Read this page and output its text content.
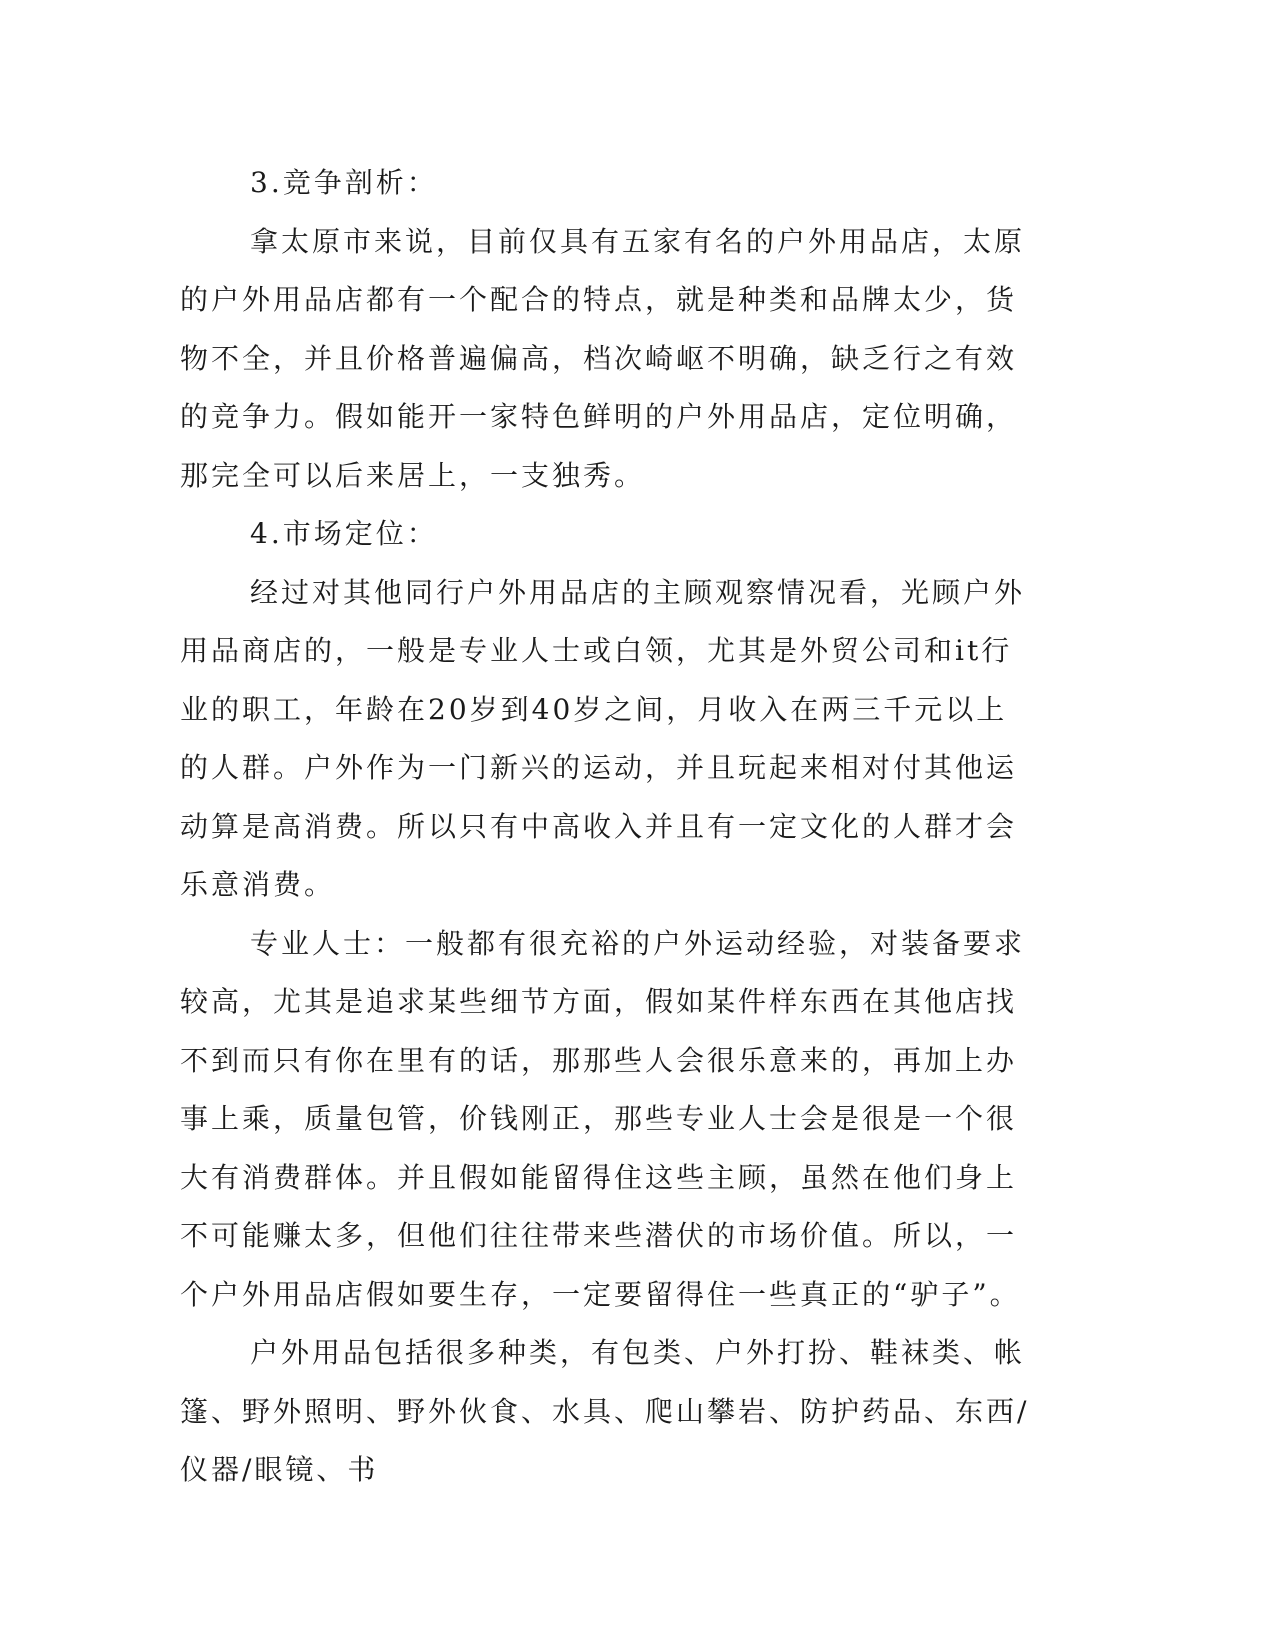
3.竞争剖析：

拿太原市来说，目前仅具有五家有名的户外用品店，太原的户外用品店都有一个配合的特点，就是种类和品牌太少，货物不全，并且价格普遍偏高，档次崎岖不明确，缺乏行之有效的竞争力。假如能开一家特色鲜明的户外用品店，定位明确，那完全可以后来居上，一支独秀。

4.市场定位：

经过对其他同行户外用品店的主顾观察情况看，光顾户外用品商店的，一般是专业人士或白领，尤其是外贸公司和it行业的职工，年龄在20岁到40岁之间，月收入在两三千元以上的人群。户外作为一门新兴的运动，并且玩起来相对付其他运动算是高消费。所以只有中高收入并且有一定文化的人群才会乐意消费。

专业人士：一般都有很充裕的户外运动经验，对装备要求较高，尤其是追求某些细节方面，假如某件样东西在其他店找不到而只有你在里有的话，那那些人会很乐意来的，再加上办事上乘，质量包管，价钱刚正，那些专业人士会是很是一个很大有消费群体。并且假如能留得住这些主顾，虽然在他们身上不可能赚太多，但他们往往带来些潜伏的市场价值。所以，一个户外用品店假如要生存，一定要留得住一些真正的“驴子”。

户外用品包括很多种类，有包类、户外打扮、鞋袜类、帐篷、野外照明、野外伙食、水具、爬山攀岩、防护药品、东西/仪器/眼镜、书
